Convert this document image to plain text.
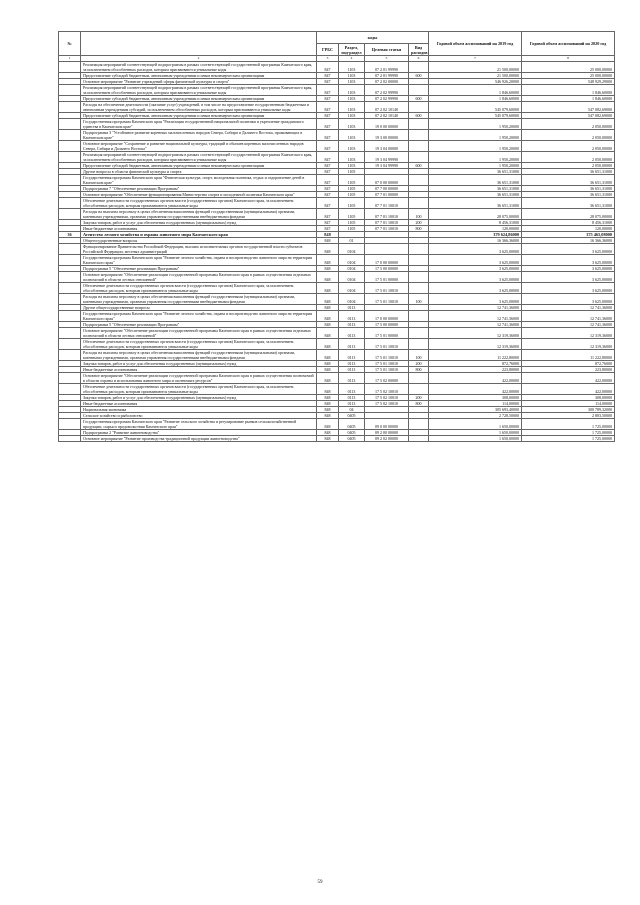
№		коды				Годовой объем ассигнований на 2019 год	Годовой объем ассигнований на 2020 год
		ГРБС	Раздел, под-раздел	Целевая статья	Вид расходов		
1	2	3	4	5	6	7	8
	Реализация мероприятий соответствующей подпрограммы в рамках соответствующей государственной программы Камчатского края, за исключением обособленных расходов, которым присваиваются уникальные коды	847	1103	07 2 01 99990		21 500,00000	25 000,00000
	Предоставление субсидий бюджетным, автономным учреждениям и иным некоммерческим организациям	847	1103	07 2 01 99990	600	21 500,00000	25 000,00000
	Основное мероприятие "Развитие учреждений сферы физической культуры и спорта"	847	1103	07 2 02 00000		546 926,20000	548 929,29000
	Реализация мероприятий соответствующей подпрограммы в рамках соответствующей государственной программы Камчатского края, за исключением обособленных расходов, которым присваиваются уникальные коды	847	1103	07 2 02 99990		1 846,60000	1 846,60000
	Предоставление субсидий бюджетным, автономным учреждениям и иным некоммерческим организациям	847	1103	07 2 02 99990	600	1 846,60000	1 846,60000
	Расходы на обеспечение деятельности (оказание услуг) учреждений, в том числе на предоставление государственным бюджетным и автономным учреждениям субсидий, за исключением обособленных расходов, которым присваиваются уникальные коды	847	1103	07 2 02 10140		545 079,60000	547 082,69000
	Предоставление субсидий бюджетным, автономным учреждениям и иным некоммерческим организациям	847	1103	07 2 02 10140	600	545 079,60000	547 082,69000
	Государственная программа Камчатского края "Реализация государственной национальной политики и укрепление гражданского единства в Камчатском крае"	847	1103	19 0 00 00000		1 950,20000	2 050,00000
	Подпрограмма 3 "Устойчивое развитие коренных малочисленных народов Севера, Сибири и Дальнего Востока, проживающих в Камчатском крае"	847	1103	19 3 00 00000		1 950,20000	2 050,00000
	Основное мероприятие "Сохранение и развитие национальной культуры, традиций и обычаев коренных малочисленных народов Севера, Сибири и Дальнего Востока"	847	1103	19 3 04 00000		1 950,20000	2 050,00000
	Реализация мероприятий соответствующей подпрограммы в рамках соответствующей государственной программы Камчатского края, за исключением обособленных расходов, которым присваиваются уникальные коды	847	1103	19 3 04 99990		1 950,20000	2 050,00000
	Предоставление субсидий бюджетным, автономным учреждениям и иным некоммерческим организациям	847	1103	19 3 04 99990	600	1 950,20000	2 050,00000
	Другие вопросы в области физической культуры и спорта	847	1105			36 651,31000	36 651,31000
	Государственная программа Камчатского края "Физическая культура, спорт, молодежная политика, отдых и оздоровление детей в Камчатском крае"	847	1105	07 0 00 00000		36 651,31000	36 651,31000
	Подпрограмма 7 "Обеспечение реализации Программы"	847	1105	07 7 00 00000		36 651,31000	36 651,31000
	Основное мероприятие "Обеспечение функционирования Министерства спорта и молодежной политики Камчатского края"	847	1105	07 7 01 00000		36 651,31000	36 651,31000
	Обеспечение деятельности государственных органов власти (государственных органов) Камчатского края, за исключением обособленных расходов, которым присваиваются уникальные коды	847	1105	07 7 01 10010		36 651,31000	36 651,31000
	Расходы на выплаты персоналу в целях обеспечения выполнения функций государственными (муниципальными) органами, казенными учреждениями, органами управления государственными внебюджетными фондами	847	1105	07 7 01 10010	100	28 075,00000	28 075,00000
	Закупка товаров, работ и услуг для обеспечения государственных (муниципальных) нужд	847	1105	07 7 01 10010	200	8 456,31000	8 456,31000
	Иные бюджетные ассигнования	847	1105	07 7 01 10010	800	120,00000	120,00000
36	Агентство лесного хозяйства и охраны животного мира Камчатского края	848				379 624,86000	375 465,08000
	Общегосударственные вопросы	848	01			16 366,36000	16 366,36000
	Функционирование Правительства Российской Федерации, высших исполнительных органов государственной власти субъектов Российской Федерации, местных администраций	848	0104			3 625,00000	3 625,00000
	Государственная программа Камчатского края "Развитие лесного хозяйства, охрана и воспроизводство животного мира на территории Камчатского края"	848	0104	17 0 00 00000		3 625,00000	3 625,00000
	Подпрограмма 5 "Обеспечение реализации Программы"	848	0104	17 5 00 00000		3 625,00000	3 625,00000
	Основное мероприятие "Обеспечение реализации государственной программы Камчатского края в рамках осуществления отдельных полномочий в области лесных отношений"	848	0104	17 5 01 00000		3 625,00000	3 625,00000
	Обеспечение деятельности государственных органов власти (государственных органов) Камчатского края, за исключением обособленных расходов, которым присваиваются уникальные коды	848	0104	17 5 01 10010		3 625,00000	3 625,00000
	Расходы на выплаты персоналу в целях обеспечения выполнения функций государственными (муниципальными) органами, казенными учреждениями, органами управления государственными внебюджетными фондами	848	0104	17 5 01 10010	100	3 625,00000	3 625,00000
	Другие общегосударственные вопросы	848	0113			12 741,36000	12 741,36000
	Государственная программа Камчатского края "Развитие лесного хозяйства, охрана и воспроизводство животного мира на территории Камчатского края"	848	0113	17 0 00 00000		12 741,36000	12 741,36000
	Подпрограмма 5 "Обеспечение реализации Программы"	848	0113	17 5 00 00000		12 741,36000	12 741,36000
	Основное мероприятие "Обеспечение реализации государственной программы Камчатского края в рамках осуществления отдельных полномочий в области лесных отношений"	848	0113	17 5 01 00000		12 319,36000	12 319,36000
	Обеспечение деятельности государственных органов власти (государственных органов) Камчатского края, за исключением обособленных расходов, которым присваиваются уникальные коды	848	0113	17 5 01 10010		12 319,36000	12 319,36000
	Расходы на выплаты персоналу в целях обеспечения выполнения функций государственными (муниципальными) органами, казенными учреждениями, органами управления государственными внебюджетными фондами	848	0113	17 5 01 10010	100	11 222,80000	11 222,80000
	Закупка товаров, работ и услуг для обеспечения государственных (муниципальных) нужд	848	0113	17 5 01 10010	200	872,76000	872,76000
	Иные бюджетные ассигнования	848	0113	17 5 01 10010	800	223,80000	223,80000
	Основное мероприятие "Обеспечение реализации государственной программы Камчатского края в рамках осуществления полномочий в области охраны и использования животного мира и охотничьих ресурсов"	848	0113	17 5 02 00000		422,00000	422,00000
	Обеспечение деятельности государственных органов власти (государственных органов) Камчатского края, за исключением обособленных расходов, которым присваиваются уникальные коды	848	0113	17 5 02 10010		422,00000	422,00000
	Закупка товаров, работ и услуг для обеспечения государственных (муниципальных) нужд	848	0113	17 5 02 10010	200	308,00000	308,00000
	Иные бюджетные ассигнования	848	0113	17 5 02 10010	800	114,00000	114,00000
	Национальная экономика	848	04			305 693,40000	300 789,32000
	Сельское хозяйство и рыболовство	848	0405			2 728,50000	2 803,50000
	Государственная программа Камчатского края "Развитие сельского хозяйства и регулирование рынков сельскохозяйственной продукции, сырья и продовольствия Камчатского края"	848	0405	09 0 00 00000		1 650,00000	1 725,00000
	Подпрограмма 2 "Развитие животноводства"	848	0405	09 2 00 00000		1 650,00000	1 725,00000
	Основное мероприятие "Развитие производства традиционной продукции животноводства"	848	0405	09 2 02 00000		1 650,00000	1 725,00000
59
